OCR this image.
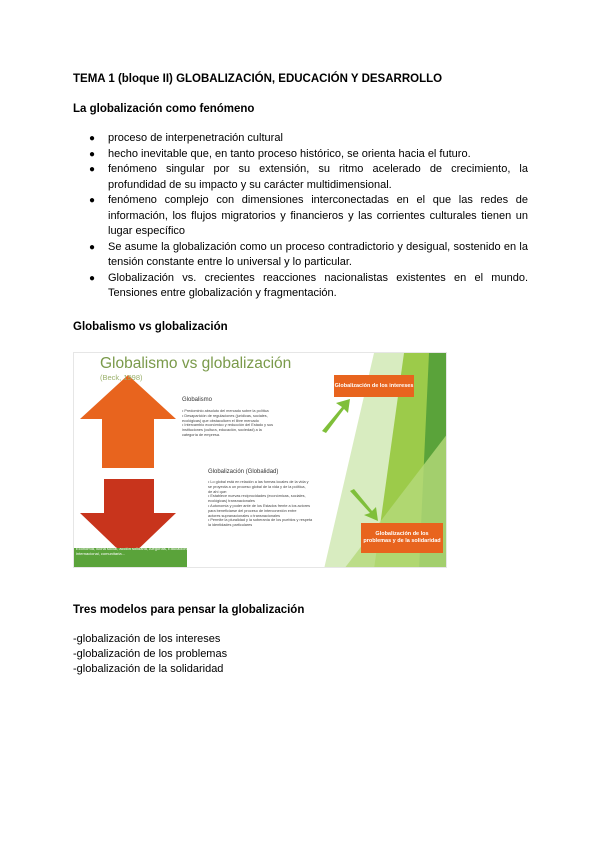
TEMA 1 (bloque II) GLOBALIZACIÓN, EDUCACIÓN Y DESARROLLO
La globalización como fenómeno
● proceso de interpenetración cultural
● hecho inevitable que, en tanto proceso histórico, se orienta hacia el futuro.
● fenómeno singular por su extensión, su ritmo acelerado de crecimiento, la profundidad de su impacto y su carácter multidimensional.
● fenómeno complejo con dimensiones interconectadas en el que las redes de información, los flujos migratorios y financieros y las corrientes culturales tienen un lugar específico
● Se asume la globalización como un proceso contradictorio y desigual, sostenido en la tensión constante entre lo universal y lo particular.
● Globalización vs. crecientes reacciones nacionalistas existentes en el mundo. Tensiones entre globalización y fragmentación.
Globalismo vs globalización
Globalismo vs globalización
(Beck, 1998)
Globalismo
• Predominio absoluto del mercado sobre la política
• Desaparición de regulaciones (jurídicas, sociales,
ecológicas) que obstaculicen el libre mercado
• Intercambio económico y reducción del Estado y sus
instituciones (cultura, educación, sociedad) a la
categoría de empresa.
Globalización (Globalidad)
• Lo global está en relación a las formas locales de la vida y
se proyecta a un proceso global de la vida y de la política,
de ahí que:
• Establece nuevas reciprocidades (económicas, sociales,
ecológicas) transnacionales
• Autonomía y poder ante de los Estados frente a los actores
para beneficiarse del proceso de interconexión entre
actores supranacionales o transnacionales
• Permite la pluralidad y la soberanía de los pueblos y respeta
la identidades particulares
Globalización de los intereses
Globalización de los problemas y de la solidaridad
Economía, lucha social, acción solidaria, Alegorías, Educación internacional, comunitaria...
Tres modelos para pensar la globalización
-globalización de los intereses
-globalización de los problemas
-globalización de la solidaridad
